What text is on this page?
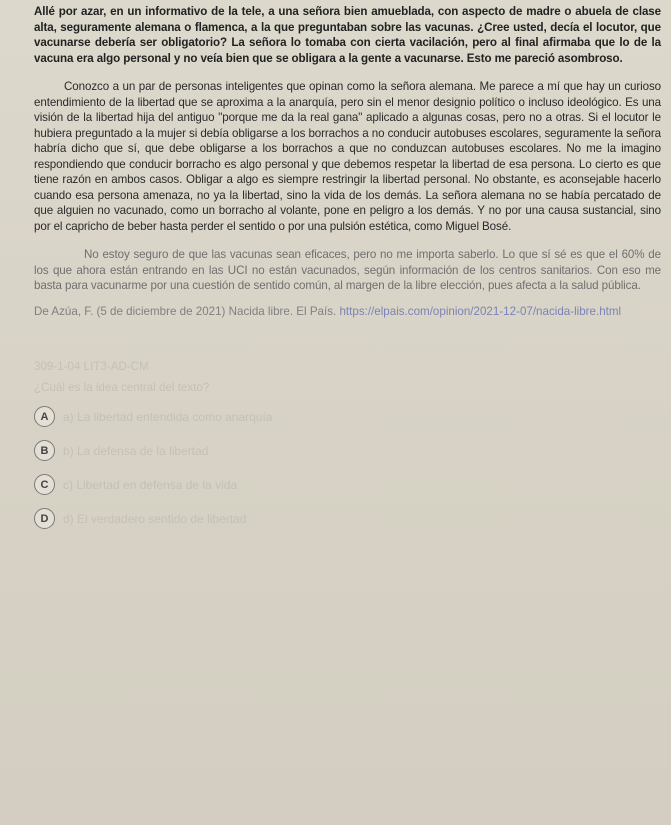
Allé por azar, en un informativo de la tele, a una señora bien amueblada, con aspecto de madre o abuela de clase alta, seguramente alemana o flamenca, a la que preguntaban sobre las vacunas. ¿Cree usted, decía el locutor, que vacunarse debería ser obligatorio? La señora lo tomaba con cierta vacilación, pero al final afirmaba que lo de la vacuna era algo personal y no veía bien que se obligara a la gente a vacunarse. Esto me pareció asombroso.

Conozco a un par de personas inteligentes que opinan como la señora alemana. Me parece a mí que hay un curioso entendimiento de la libertad que se aproxima a la anarquía, pero sin el menor designio político o incluso ideológico. Es una visión de la libertad hija del antiguo "porque me da la real gana" aplicado a algunas cosas, pero no a otras. Si el locutor le hubiera preguntado a la mujer si debía obligarse a los borrachos a no conducir autobuses escolares, seguramente la señora habría dicho que sí, que debe obligarse a los borrachos a que no conduzcan autobuses escolares. No me la imagino respondiendo que conducir borracho es algo personal y que debemos respetar la libertad de esa persona. Lo cierto es que tiene razón en ambos casos. Obligar a algo es siempre restringir la libertad personal. No obstante, es aconsejable hacerlo cuando esa persona amenaza, no ya la libertad, sino la vida de los demás. La señora alemana no se había percatado de que alguien no vacunado, como un borracho al volante, pone en peligro a los demás. Y no por una causa sustancial, sino por el capricho de beber hasta perder el sentido o por una pulsión estética, como Miguel Bosé.

No estoy seguro de que las vacunas sean eficaces, pero no me importa saberlo. Lo que sí sé es que el 60% de los que ahora están entrando en las UCI no están vacunados, según información de los centros sanitarios. Con eso me basta para vacunarme por una cuestión de sentido común, al margen de la libre elección, pues afecta a la salud pública.

De Azúa, F. (5 de diciembre de 2021) Nacida libre. El País. https://elpais.com/opinion/2021-12-07/nacida-libre.html
309-1-04 LIT3-AD-CM
¿Cuál es la idea central del texto?
A	a) La libertad entendida como anarquía
B	b) La defensa de la libertad
C	c) Libertad en defensa de la vida
D	d) El verdadero sentido de libertad
